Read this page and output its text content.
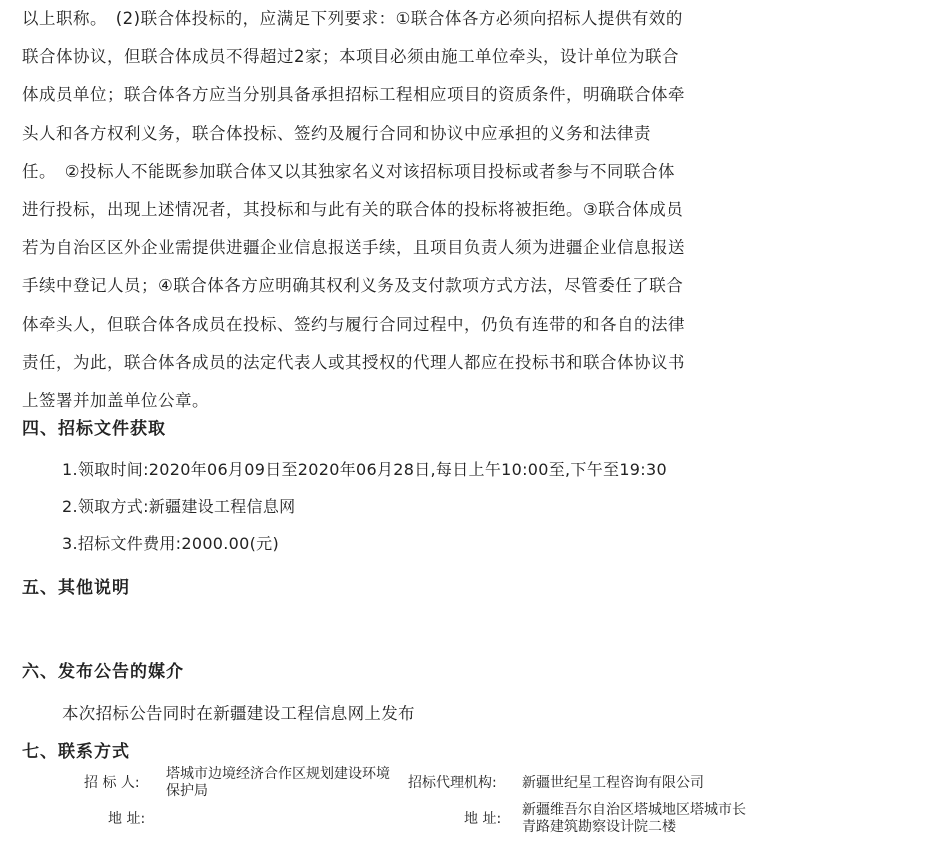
以上职称。　(2)联合体投标的，应满足下列要求：①联合体各方必须向招标人提供有效的
联合体协议，但联合体成员不得超过2家；本项目必须由施工单位牵头，设计单位为联合
体成员单位；联合体各方应当分别具备承担招标工程相应项目的资质条件，明确联合体牵
头人和各方权利义务，联合体投标、签约及履行合同和协议中应承担的义务和法律责
任。　②投标人不能既参加联合体又以其独家名义对该招标项目投标或者参与不同联合体
进行投标，出现上述情况者，其投标和与此有关的联合体的投标将被拒绝。③联合体成员
若为自治区区外企业需提供进疆企业信息报送手续，且项目负责人须为进疆企业信息报送
手续中登记人员；④联合体各方应明确其权利义务及支付款项方式方法，尽管委任了联合
体牵头人，但联合体各成员在投标、签约与履行合同过程中，仍负有连带的和各自的法律
责任，为此，联合体各成员的法定代表人或其授权的代理人都应在投标书和联合体协议书
上签署并加盖单位公章。
四、招标文件获取
1.领取时间:2020年06月09日至2020年06月28日,每日上午10:00至,下午至19:30
2.领取方式:新疆建设工程信息网
3.招标文件费用:2000.00(元)
五、其他说明
六、发布公告的媒介
本次招标公告同时在新疆建设工程信息网上发布
七、联系方式
招 标 人:
塔城市边境经济合作区规划建设环境保护局	招标代理机构: 新疆世纪星工程咨询有限公司
地 址:	地 址:
新疆维吾尔自治区塔城地区塔城市长青路建筑勘察设计院二楼
